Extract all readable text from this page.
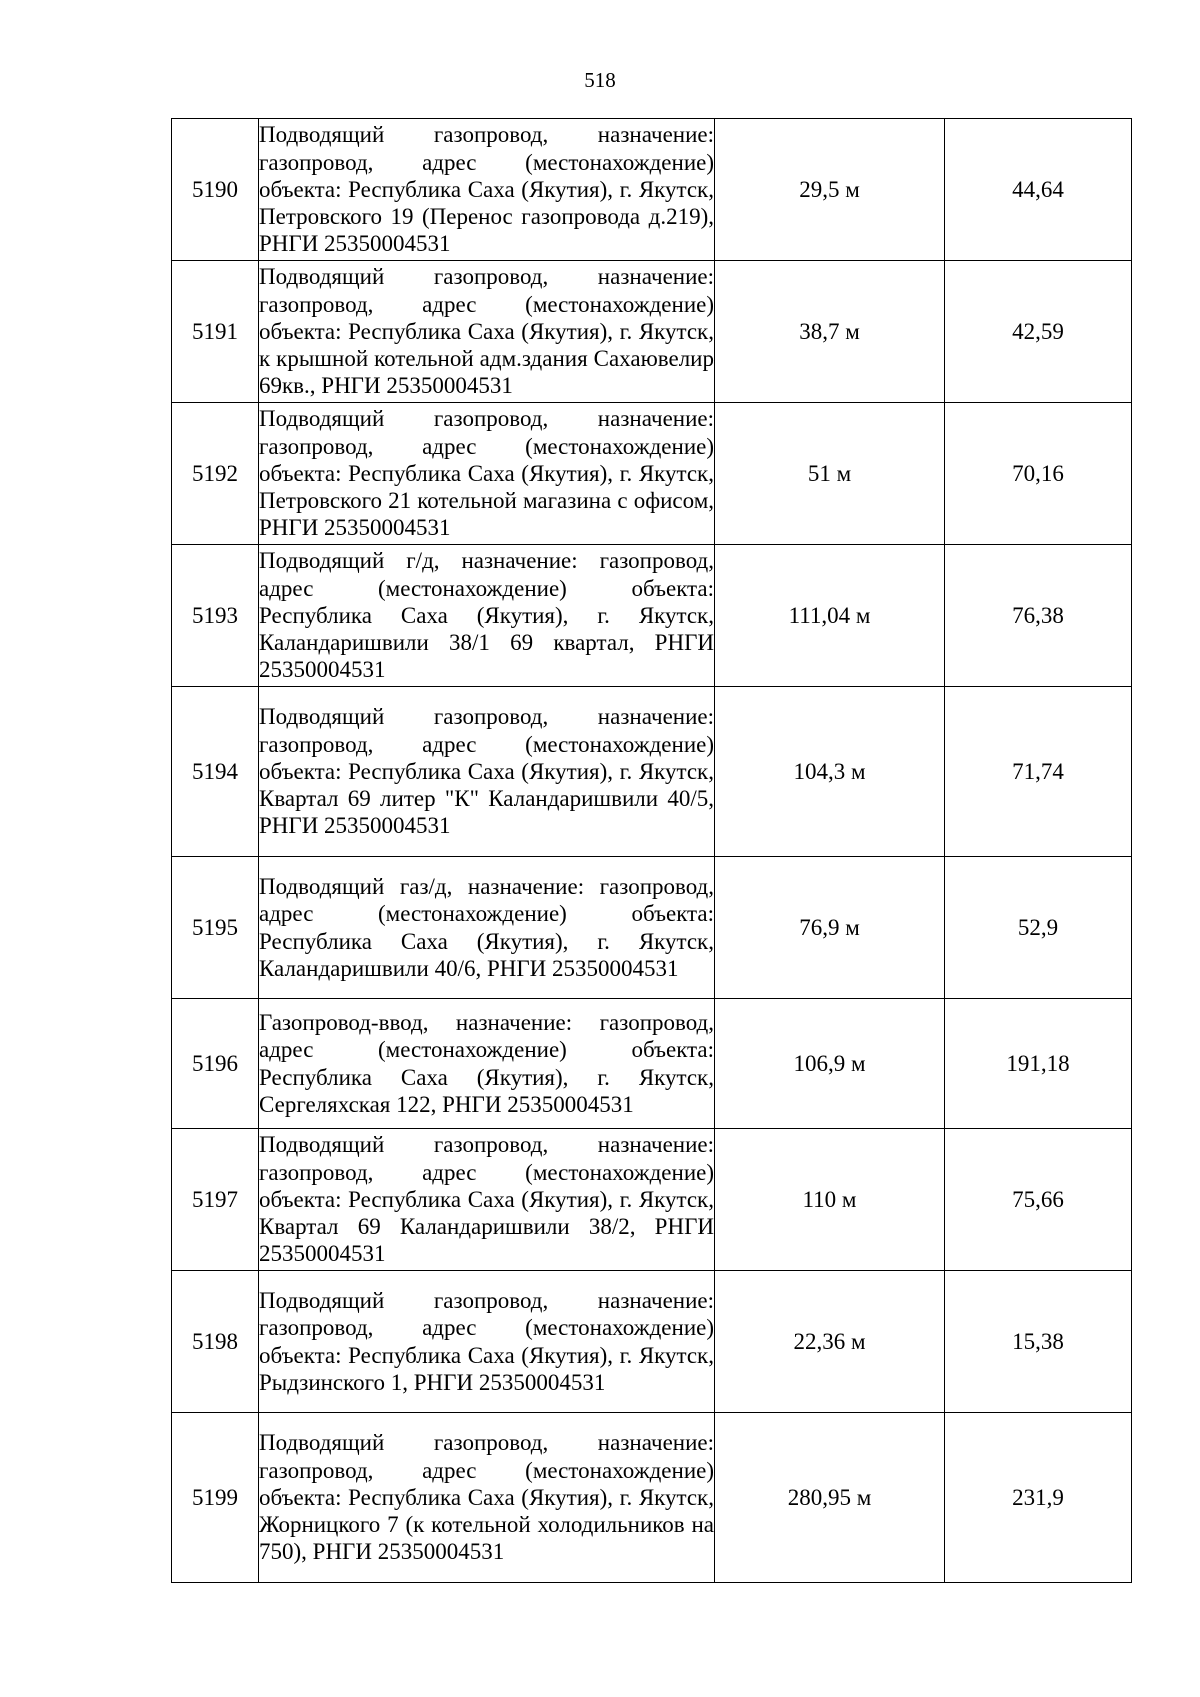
518
5190	Подводящий газопровод, назначение: газопровод, адрес (местонахождение) объекта: Республика Саха (Якутия), г. Якутск, Петровского 19 (Перенос газопровода д.219), РНГИ 25350004531	29,5 м	44,64
5191	Подводящий газопровод, назначение: газопровод, адрес (местонахождение) объекта: Республика Саха (Якутия), г. Якутск, к крышной котельной адм.здания Сахаювелир 69кв., РНГИ 25350004531	38,7 м	42,59
5192	Подводящий газопровод, назначение: газопровод, адрес (местонахождение) объекта: Республика Саха (Якутия), г. Якутск, Петровского 21 котельной магазина с офисом, РНГИ 25350004531	51 м	70,16
5193	Подводящий г/д, назначение: газопровод, адрес (местонахождение) объекта: Республика Саха (Якутия), г. Якутск, Каландаришвили 38/1 69 квартал, РНГИ 25350004531	111,04 м	76,38
5194	Подводящий газопровод, назначение: газопровод, адрес (местонахождение) объекта: Республика Саха (Якутия), г. Якутск, Квартал 69 литер "К" Каландаришвили 40/5, РНГИ 25350004531	104,3 м	71,74
5195	Подводящий газ/д, назначение: газопровод, адрес (местонахождение) объекта: Республика Саха (Якутия), г. Якутск, Каландаришвили 40/6, РНГИ 25350004531	76,9 м	52,9
5196	Газопровод-ввод, назначение: газопровод, адрес (местонахождение) объекта: Республика Саха (Якутия), г. Якутск, Сергеляхская 122, РНГИ 25350004531	106,9 м	191,18
5197	Подводящий газопровод, назначение: газопровод, адрес (местонахождение) объекта: Республика Саха (Якутия), г. Якутск, Квартал 69 Каландаришвили 38/2, РНГИ 25350004531	110 м	75,66
5198	Подводящий газопровод, назначение: газопровод, адрес (местонахождение) объекта: Республика Саха (Якутия), г. Якутск, Рыдзинского 1, РНГИ 25350004531	22,36 м	15,38
5199	Подводящий газопровод, назначение: газопровод, адрес (местонахождение) объекта: Республика Саха (Якутия), г. Якутск, Жорницкого 7 (к котельной холодильников на 750), РНГИ 25350004531	280,95 м	231,9
